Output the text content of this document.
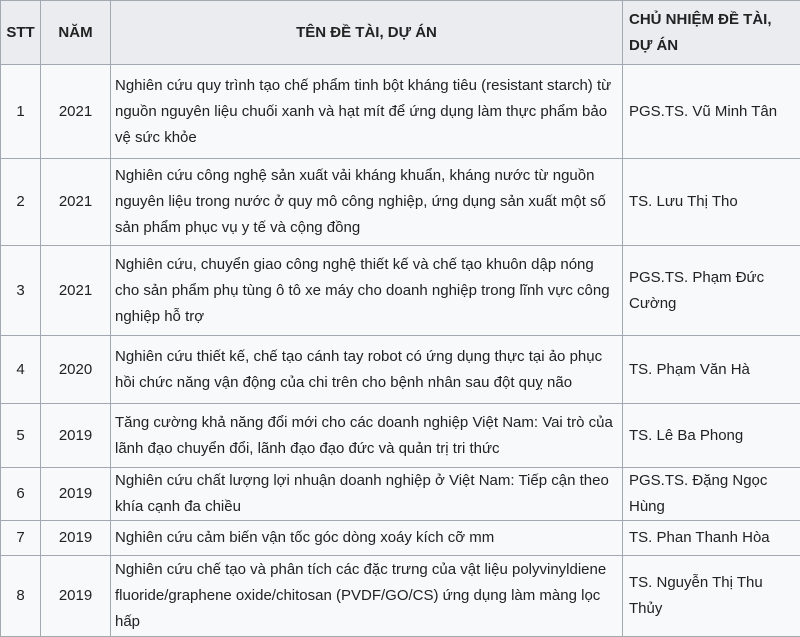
STT	NĂM	TÊN ĐỀ TÀI, DỰ ÁN	CHỦ NHIỆM ĐỀ TÀI, DỰ ÁN
1	2021	Nghiên cứu quy trình tạo chế phẩm tinh bột kháng tiêu (resistant starch) từ nguồn nguyên liệu chuối xanh và hạt mít để ứng dụng làm thực phẩm bảo vệ sức khỏe	PGS.TS. Vũ Minh Tân
2	2021	Nghiên cứu công nghệ sản xuất vải kháng khuẩn, kháng nước từ nguồn nguyên liệu trong nước ở quy mô công nghiệp, ứng dụng sản xuất một số sản phẩm phục vụ y tế và cộng đồng	TS. Lưu Thị Tho
3	2021	Nghiên cứu, chuyển giao công nghệ thiết kế và chế tạo khuôn dập nóng cho sản phẩm phụ tùng ô tô xe máy cho doanh nghiệp trong lĩnh vực công nghiệp hỗ trợ	PGS.TS. Phạm Đức Cường
4	2020	Nghiên cứu thiết kế, chế tạo cánh tay robot có ứng dụng thực tại ảo phục hồi chức năng vận động của chi trên cho bệnh nhân sau đột quỵ não	TS. Phạm Văn Hà
5	2019	Tăng cường khả năng đổi mới cho các doanh nghiệp Việt Nam: Vai trò của lãnh đạo chuyển đổi, lãnh đạo đạo đức và quản trị tri thức	TS. Lê Ba Phong
6	2019	Nghiên cứu chất lượng lợi nhuận doanh nghiệp ở Việt Nam: Tiếp cận theo khía cạnh đa chiều	PGS.TS. Đặng Ngọc Hùng
7	2019	Nghiên cứu cảm biến vận tốc góc dòng xoáy kích cỡ mm	TS. Phan Thanh Hòa
8	2019	Nghiên cứu chế tạo và phân tích các đặc trưng của vật liệu polyvinyldiene fluoride/graphene oxide/chitosan (PVDF/GO/CS) ứng dụng làm màng lọc hấp	TS. Nguyễn Thị Thu Thủy
